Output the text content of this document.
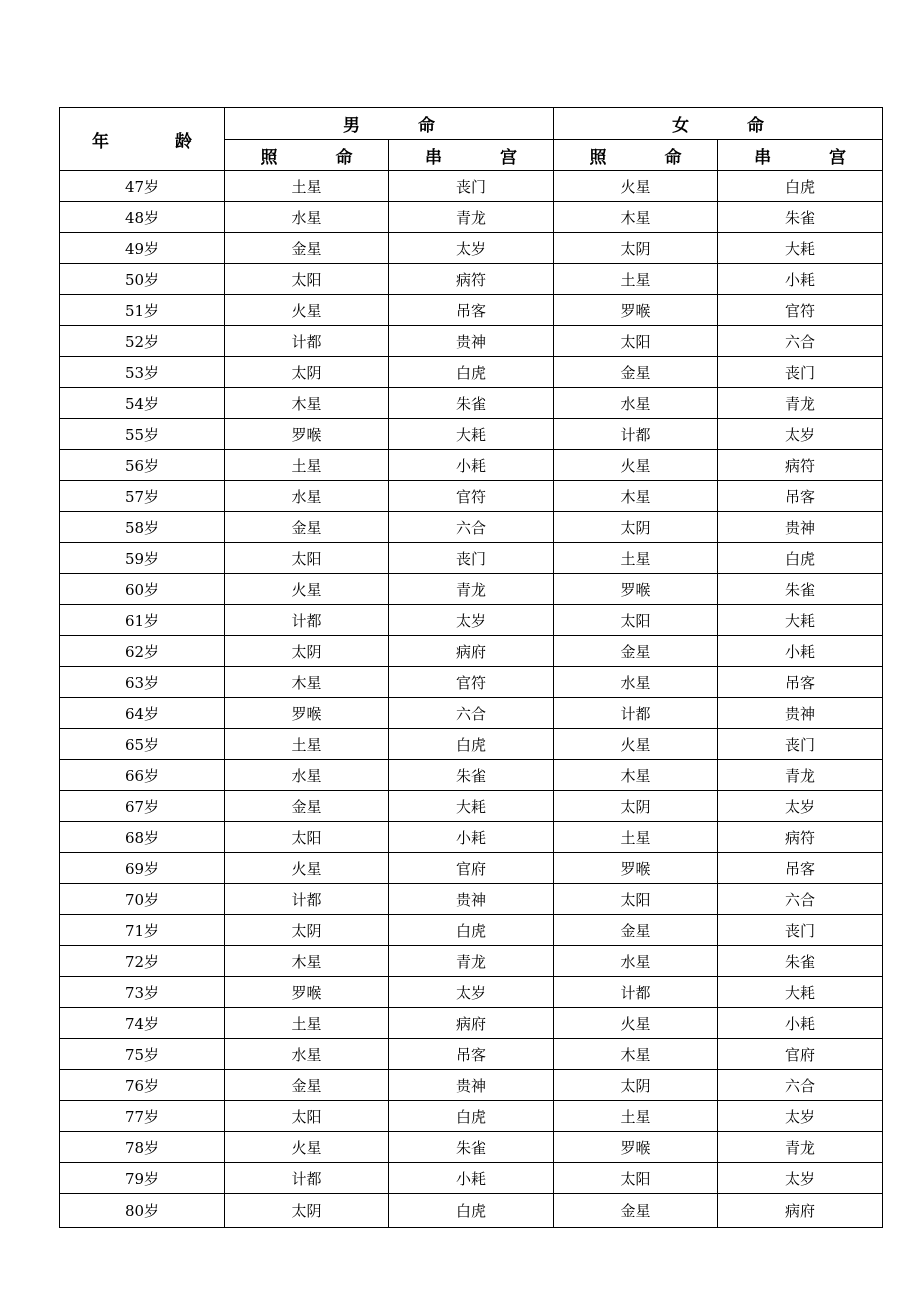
年 龄	男 命		女 命	
	照 命	串 宫	照 命	串 宫
47岁	土星	丧门	火星	白虎
48岁	水星	青龙	木星	朱雀
49岁	金星	太岁	太阴	大耗
50岁	太阳	病符	土星	小耗
51岁	火星	吊客	罗喉	官符
52岁	计都	贵神	太阳	六合
53岁	太阴	白虎	金星	丧门
54岁	木星	朱雀	水星	青龙
55岁	罗喉	大耗	计都	太岁
56岁	土星	小耗	火星	病符
57岁	水星	官符	木星	吊客
58岁	金星	六合	太阴	贵神
59岁	太阳	丧门	土星	白虎
60岁	火星	青龙	罗喉	朱雀
61岁	计都	太岁	太阳	大耗
62岁	太阴	病府	金星	小耗
63岁	木星	官符	水星	吊客
64岁	罗喉	六合	计都	贵神
65岁	土星	白虎	火星	丧门
66岁	水星	朱雀	木星	青龙
67岁	金星	大耗	太阴	太岁
68岁	太阳	小耗	土星	病符
69岁	火星	官府	罗喉	吊客
70岁	计都	贵神	太阳	六合
71岁	太阴	白虎	金星	丧门
72岁	木星	青龙	水星	朱雀
73岁	罗喉	太岁	计都	大耗
74岁	土星	病府	火星	小耗
75岁	水星	吊客	木星	官府
76岁	金星	贵神	太阴	六合
77岁	太阳	白虎	土星	太岁
78岁	火星	朱雀	罗喉	青龙
79岁	计都	小耗	太阳	太岁
80岁	太阴	白虎	金星	病府
